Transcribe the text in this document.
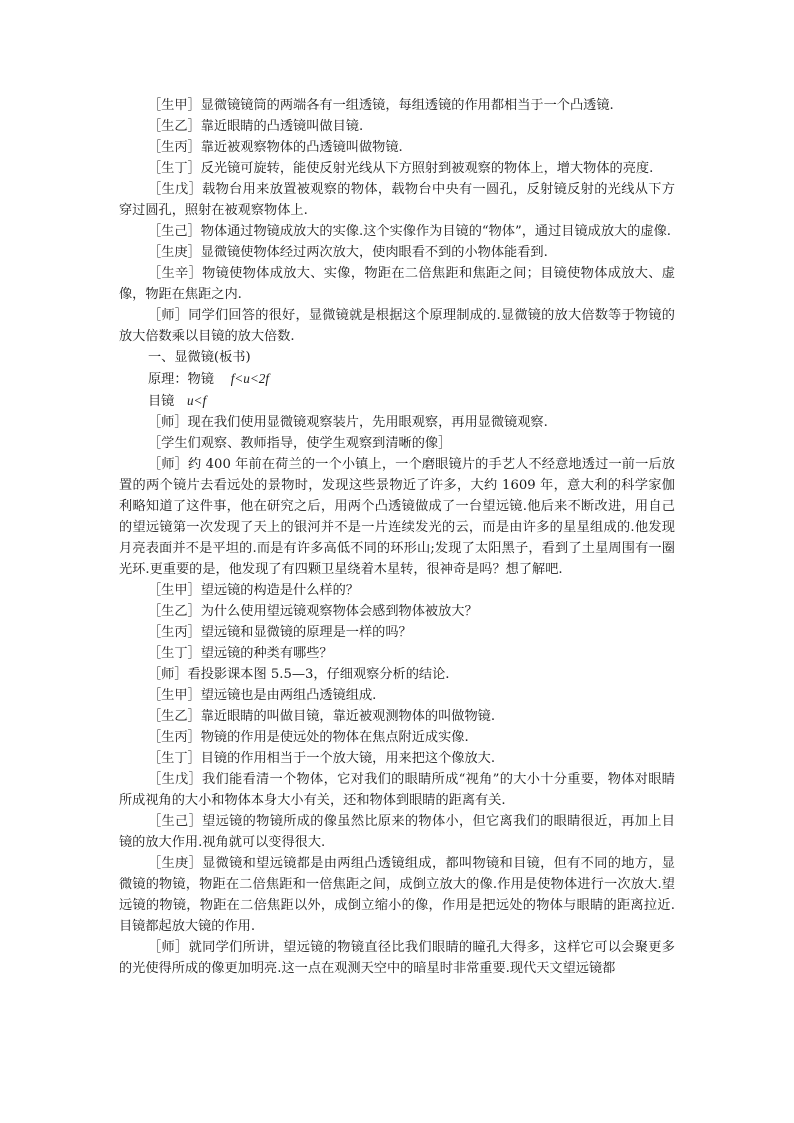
［生甲］显微镜镜筒的两端各有一组透镜，每组透镜的作用都相当于一个凸透镜.

［生乙］靠近眼睛的凸透镜叫做目镜.

［生丙］靠近被观察物体的凸透镜叫做物镜.

［生丁］反光镜可旋转，能使反射光线从下方照射到被观察的物体上，增大物体的亮度.

［生戊］载物台用来放置被观察的物体，载物台中央有一圆孔，反射镜反射的光线从下方穿过圆孔，照射在被观察物体上.

［生己］物体通过物镜成放大的实像.这个实像作为目镜的“物体”，通过目镜成放大的虚像.

［生庚］显微镜使物体经过两次放大，使肉眼看不到的小物体能看到.

［生辛］物镜使物体成放大、实像，物距在二倍焦距和焦距之间；目镜使物体成放大、虚像，物距在焦距之内.

［师］同学们回答的很好，显微镜就是根据这个原理制成的.显微镜的放大倍数等于物镜的放大倍数乘以目镜的放大倍数.

一、显微镜(板书)

原理：物镜 f<u<2f

目镜 u<f

［师］现在我们使用显微镜观察装片，先用眼观察，再用显微镜观察.

［学生们观察、教师指导，使学生观察到清晰的像］

［师］约 400 年前在荷兰的一个小镇上，一个磨眼镜片的手艺人不经意地透过一前一后放置的两个镜片去看远处的景物时，发现这些景物近了许多，大约 1609 年，意大利的科学家伽利略知道了这件事，他在研究之后，用两个凸透镜做成了一台望远镜.他后来不断改进，用自己的望远镜第一次发现了天上的银河并不是一片连续发光的云，而是由许多的星星组成的.他发现月亮表面并不是平坦的.而是有许多高低不同的环形山;发现了太阳黑子，看到了土星周围有一圈光环.更重要的是，他发现了有四颗卫星绕着木星转，很神奇是吗？想了解吧.

［生甲］望远镜的构造是什么样的？

［生乙］为什么使用望远镜观察物体会感到物体被放大？

［生丙］望远镜和显微镜的原理是一样的吗？

［生丁］望远镜的种类有哪些？

［师］看投影课本图 5.5—3，仔细观察分析的结论.

［生甲］望远镜也是由两组凸透镜组成.

［生乙］靠近眼睛的叫做目镜，靠近被观测物体的叫做物镜.

［生丙］物镜的作用是使远处的物体在焦点附近成实像.

［生丁］目镜的作用相当于一个放大镜，用来把这个像放大.

［生戊］我们能看清一个物体，它对我们的眼睛所成“视角”的大小十分重要，物体对眼睛所成视角的大小和物体本身大小有关，还和物体到眼睛的距离有关.

［生己］望远镜的物镜所成的像虽然比原来的物体小，但它离我们的眼睛很近，再加上目镜的放大作用.视角就可以变得很大.

［生庚］显微镜和望远镜都是由两组凸透镜组成，都叫物镜和目镜，但有不同的地方，显微镜的物镜，物距在二倍焦距和一倍焦距之间，成倒立放大的像.作用是使物体进行一次放大.望远镜的物镜，物距在二倍焦距以外，成倒立缩小的像，作用是把远处的物体与眼睛的距离拉近.目镜都起放大镜的作用.

［师］就同学们所讲，望远镜的物镜直径比我们眼睛的瞳孔大得多，这样它可以会聚更多的光使得所成的像更加明亮.这一点在观测天空中的暗星时非常重要.现代天文望远镜都
